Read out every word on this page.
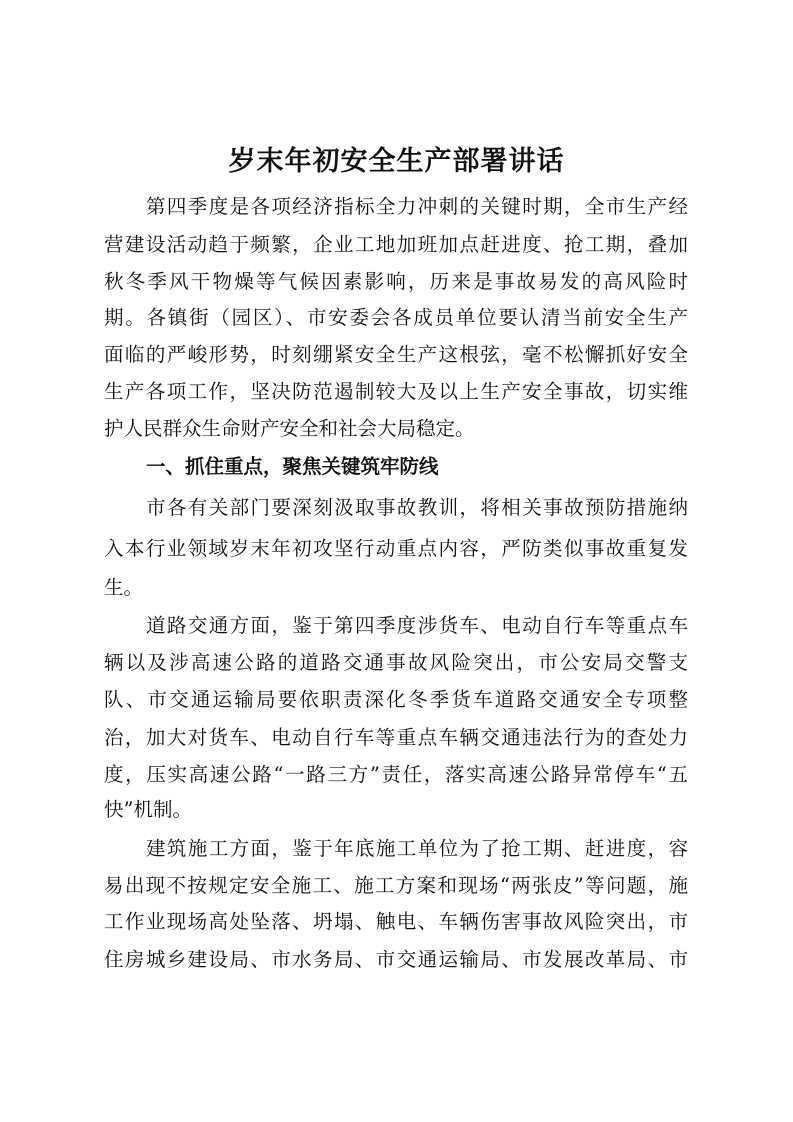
岁末年初安全生产部署讲话
第四季度是各项经济指标全力冲刺的关键时期，全市生产经
营建设活动趋于频繁，企业工地加班加点赶进度、抢工期，叠加
秋冬季风干物燥等气候因素影响，历来是事故易发的高风险时
期。各镇街（园区）、市安委会各成员单位要认清当前安全生产
面临的严峻形势，时刻绷紧安全生产这根弦，毫不松懈抓好安全
生产各项工作，坚决防范遏制较大及以上生产安全事故，切实维
护人民群众生命财产安全和社会大局稳定。
一、抓住重点，聚焦关键筑牢防线
市各有关部门要深刻汲取事故教训，将相关事故预防措施纳
入本行业领域岁末年初攻坚行动重点内容，严防类似事故重复发
生。
道路交通方面，鉴于第四季度涉货车、电动自行车等重点车
辆以及涉高速公路的道路交通事故风险突出，市公安局交警支
队、市交通运输局要依职责深化冬季货车道路交通安全专项整
治，加大对货车、电动自行车等重点车辆交通违法行为的查处力
度，压实高速公路“一路三方”责任，落实高速公路异常停车“五
快”机制。
建筑施工方面，鉴于年底施工单位为了抢工期、赶进度，容
易出现不按规定安全施工、施工方案和现场“两张皮”等问题，施
工作业现场高处坠落、坍塌、触电、车辆伤害事故风险突出，市
住房城乡建设局、市水务局、市交通运输局、市发展改革局、市
